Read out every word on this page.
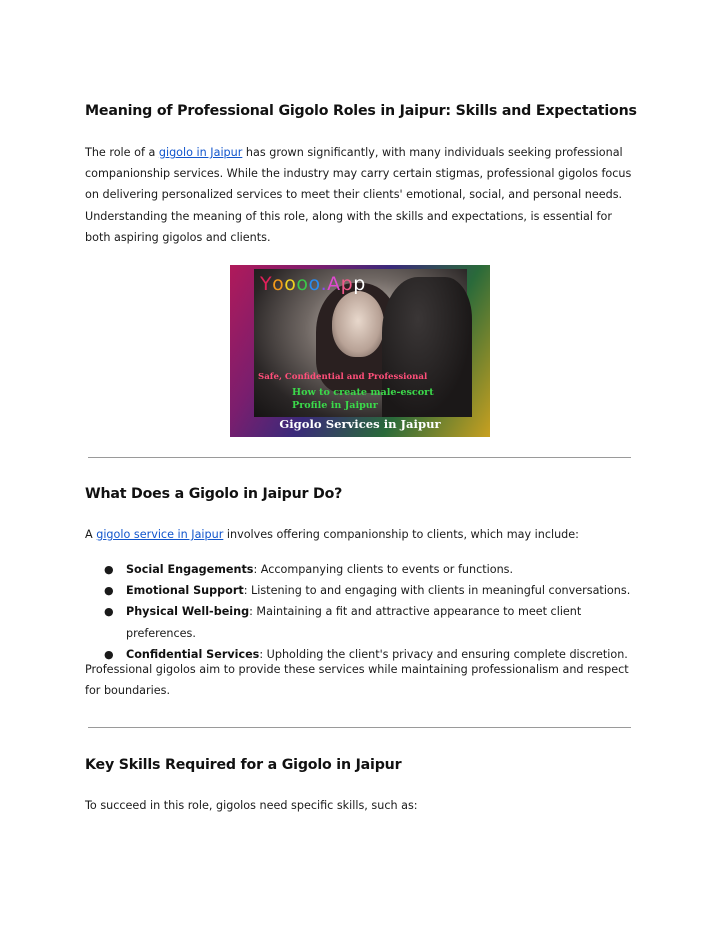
Meaning of Professional Gigolo Roles in Jaipur: Skills and Expectations

The role of a gigolo in Jaipur has grown significantly, with many individuals seeking professional companionship services. While the industry may carry certain stigmas, professional gigolos focus on delivering personalized services to meet their clients' emotional, social, and personal needs. Understanding the meaning of this role, along with the skills and expectations, is essential for both aspiring gigolos and clients.

Yoooo.App
Safe, Confidential and Professional
How to create male-escort
Profile in Jaipur
Gigolo Services in Jaipur
What Does a Gigolo in Jaipur Do?

A gigolo service in Jaipur involves offering companionship to clients, which may include:

● Social Engagements: Accompanying clients to events or functions.
● Emotional Support: Listening to and engaging with clients in meaningful conversations.
● Physical Well-being: Maintaining a fit and attractive appearance to meet client preferences.
● Confidential Services: Upholding the client's privacy and ensuring complete discretion.

Professional gigolos aim to provide these services while maintaining professionalism and respect for boundaries.

Key Skills Required for a Gigolo in Jaipur

To succeed in this role, gigolos need specific skills, such as:
